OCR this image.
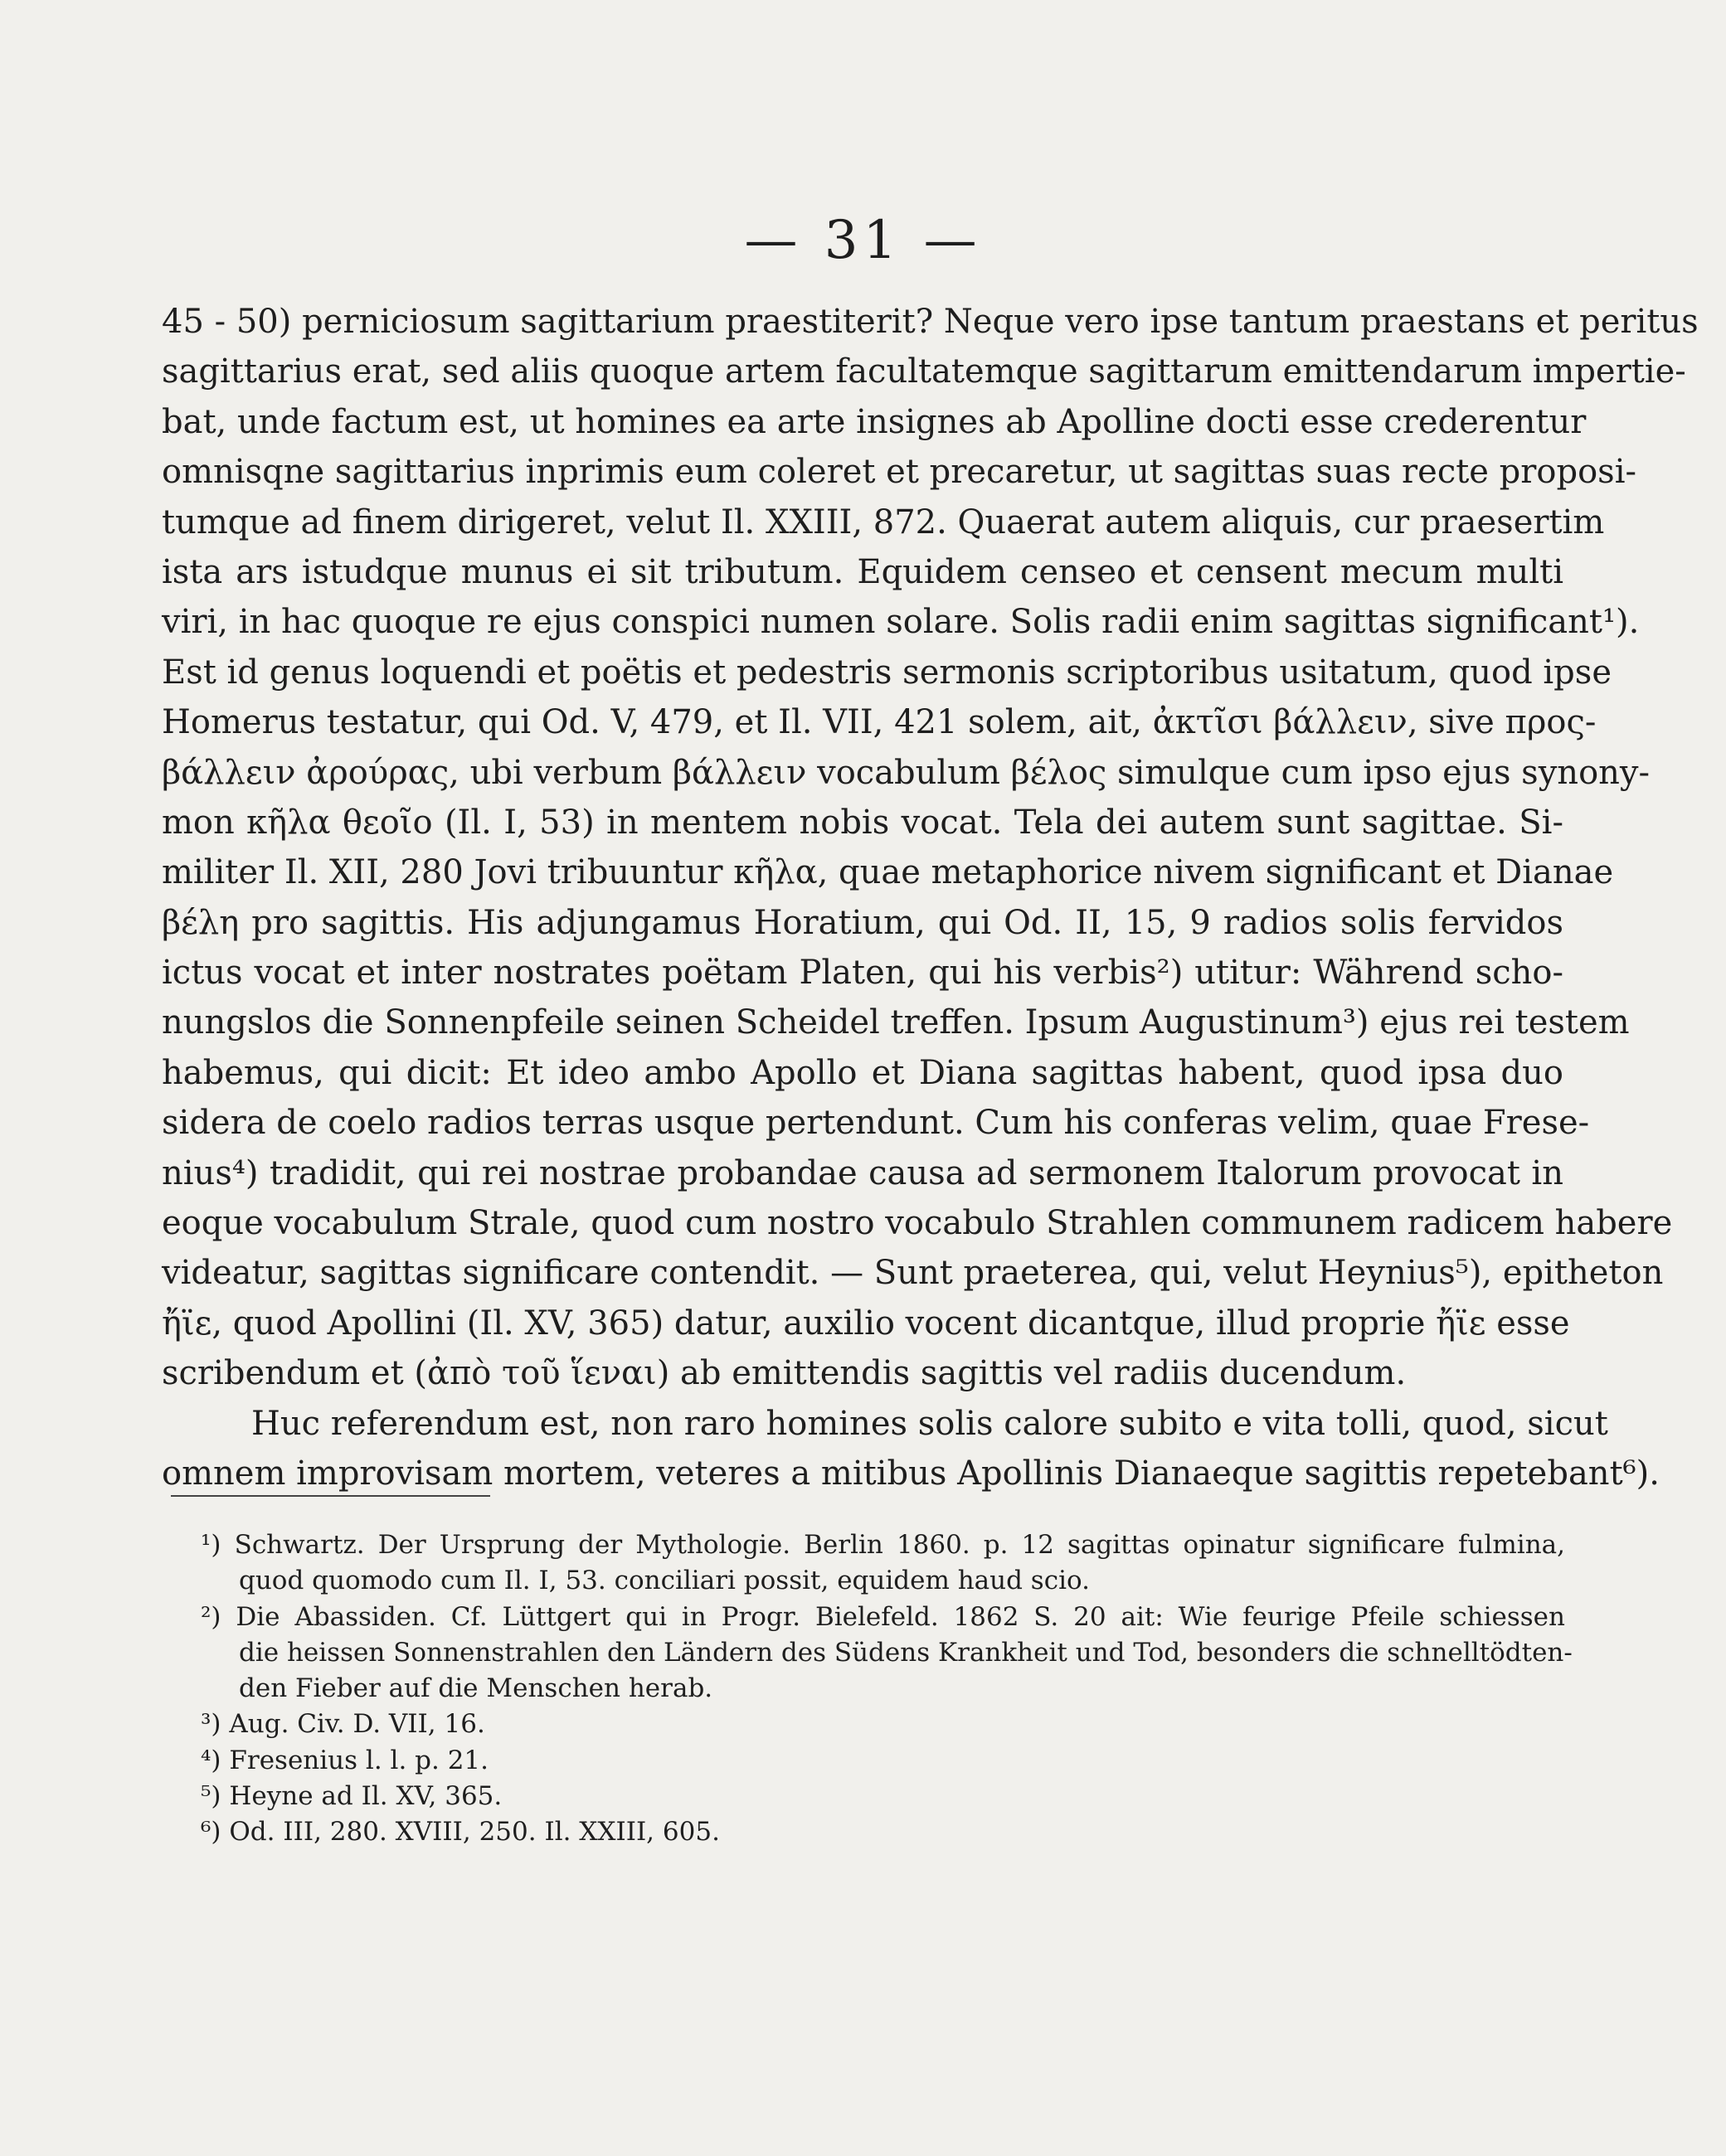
— 31 —
45 - 50) perniciosum sagittarium praestiterit? Neque vero ipse tantum praestans et peritus
sagittarius erat, sed aliis quoque artem facultatemque sagittarum emittendarum impertie-
bat, unde factum est, ut homines ea arte insignes ab Apolline docti esse crederentur
omnisqne sagittarius inprimis eum coleret et precaretur, ut sagittas suas recte proposi-
tumque ad finem dirigeret, velut Il. XXIII, 872. Quaerat autem aliquis, cur praesertim
ista ars istudque munus ei sit tributum. Equidem censeo et censent mecum multi
viri, in hac quoque re ejus conspici numen solare. Solis radii enim sagittas significant¹).
Est id genus loquendi et poëtis et pedestris sermonis scriptoribus usitatum, quod ipse
Homerus testatur, qui Od. V, 479, et Il. VII, 421 solem, ait, ἀκτῖσι βάλλειν, sive προς-
βάλλειν ἀρούρας, ubi verbum βάλλειν vocabulum βέλος simulque cum ipso ejus synony-
mon κῆλα θεοῖο (Il. I, 53) in mentem nobis vocat. Tela dei autem sunt sagittae. Si-
militer Il. XII, 280 Jovi tribuuntur κῆλα, quae metaphorice nivem significant et Dianae
βέλη pro sagittis. His adjungamus Horatium, qui Od. II, 15, 9 radios solis fervidos
ictus vocat et inter nostrates poëtam Platen, qui his verbis²) utitur: Während scho-
nungslos die Sonnenpfeile seinen Scheidel treffen. Ipsum Augustinum³) ejus rei testem
habemus, qui dicit: Et ideo ambo Apollo et Diana sagittas habent, quod ipsa duo
sidera de coelo radios terras usque pertendunt. Cum his conferas velim, quae Frese-
nius⁴) tradidit, qui rei nostrae probandae causa ad sermonem Italorum provocat in
eoque vocabulum Strale, quod cum nostro vocabulo Strahlen communem radicem habere
videatur, sagittas significare contendit. — Sunt praeterea, qui, velut Heynius⁵), epitheton
ἤϊε, quod Apollini (Il. XV, 365) datur, auxilio vocent dicantque, illud proprie ἤϊε esse
scribendum et (ἀπὸ τοῦ ἵεναι) ab emittendis sagittis vel radiis ducendum.
Huc referendum est, non raro homines solis calore subito e vita tolli, quod, sicut
omnem improvisam mortem, veteres a mitibus Apollinis Dianaeque sagittis repetebant⁶).
¹) Schwartz. Der Ursprung der Mythologie. Berlin 1860. p. 12 sagittas opinatur significare fulmina,
quod quomodo cum Il. I, 53. conciliari possit, equidem haud scio.
²) Die Abassiden. Cf. Lüttgert qui in Progr. Bielefeld. 1862 S. 20 ait: Wie feurige Pfeile schiessen
die heissen Sonnenstrahlen den Ländern des Südens Krankheit und Tod, besonders die schnelltödten-
den Fieber auf die Menschen herab.
³) Aug. Civ. D. VII, 16.
⁴) Fresenius l. l. p. 21.
⁵) Heyne ad Il. XV, 365.
⁶) Od. III, 280. XVIII, 250. Il. XXIII, 605.
